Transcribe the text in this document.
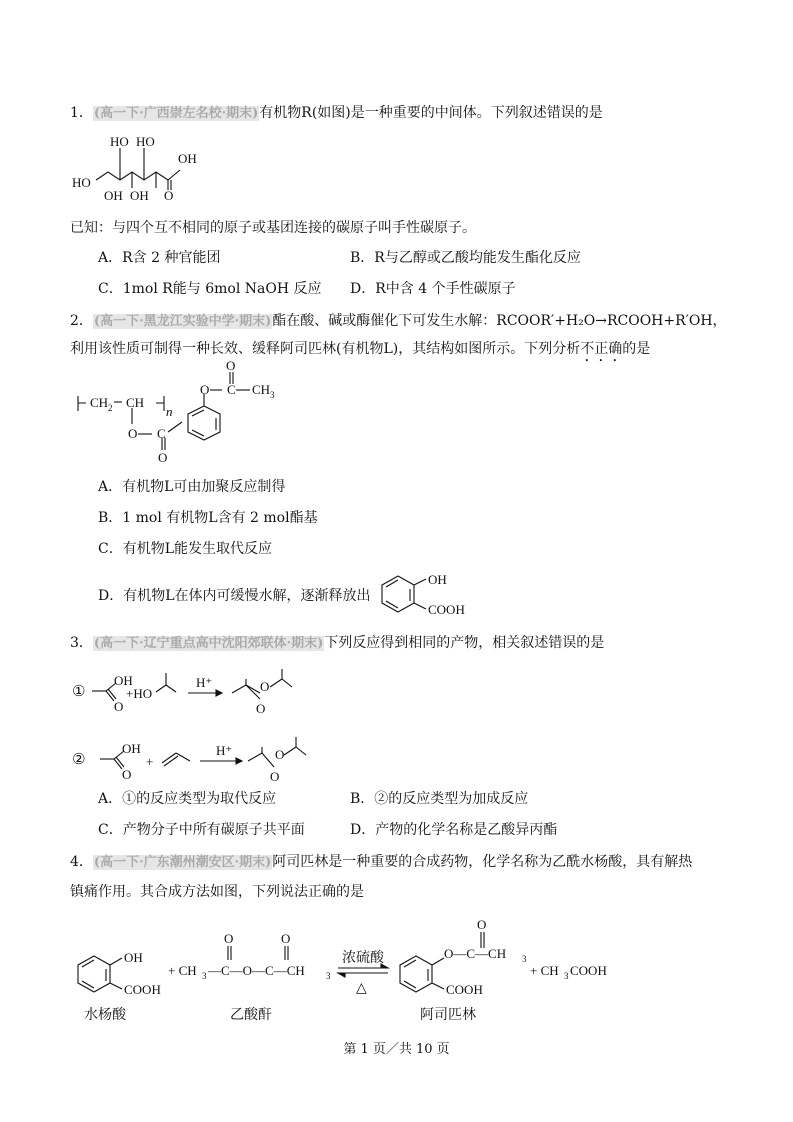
1．(高一下·广西崇左名校·期末)有机物R(如图)是一种重要的中间体。下列叙述错误的是
HO HO
OH
HO
OH OH O
已知：与四个互不相同的原子或基团连接的碳原子叫手性碳原子。
A．R含 2 种官能团	B．R与乙醇或乙酸均能发生酯化反应
C．1mol R能与 6mol NaOH 反应 D．R中含 4 个手性碳原子
2．(高一下·黑龙江实验中学·期末)酯在酸、碱或酶催化下可发生水解：RCOOR′+H₂O→RCOOH+R′OH，
利用该性质可制得一种长效、缓释阿司匹林(有机物L)，其结构如图所示。下列分析不正确的是
CH 2 CH
n
O C
O
O C
O
CH 3
A．有机物L可由加聚反应制得
B．1 mol 有机物L含有 2 mol酯基
C．有机物L能发生取代反应
D．有机物L在体内可缓慢水解，逐渐释放出
OH
COOH
3．(高一下·辽宁重点高中沈阳郊联体·期末)下列反应得到相同的产物，相关叙述错误的是
①
OH
O
+HO
H⁺	O
O
②
OH
O
+
H⁺	O
O
A．①的反应类型为取代反应	B．②的反应类型为加成反应
C．产物分子中所有碳原子共平面	D．产物的化学名称是乙酸异丙酯
4．(高一下·广东潮州潮安区·期末)阿司匹林是一种重要的合成药物，化学名称为乙酰水杨酸，具有解热
镇痛作用。其合成方法如图，下列说法正确的是
OH
COOH
水杨酸
+ CH 3 —C—O—C—CH 3
O	O
乙酸酐
浓硫酸
△
O—C—CH 3
O
COOH
阿司匹林
+ CH 3 COOH
第 1 页／共 10 页
